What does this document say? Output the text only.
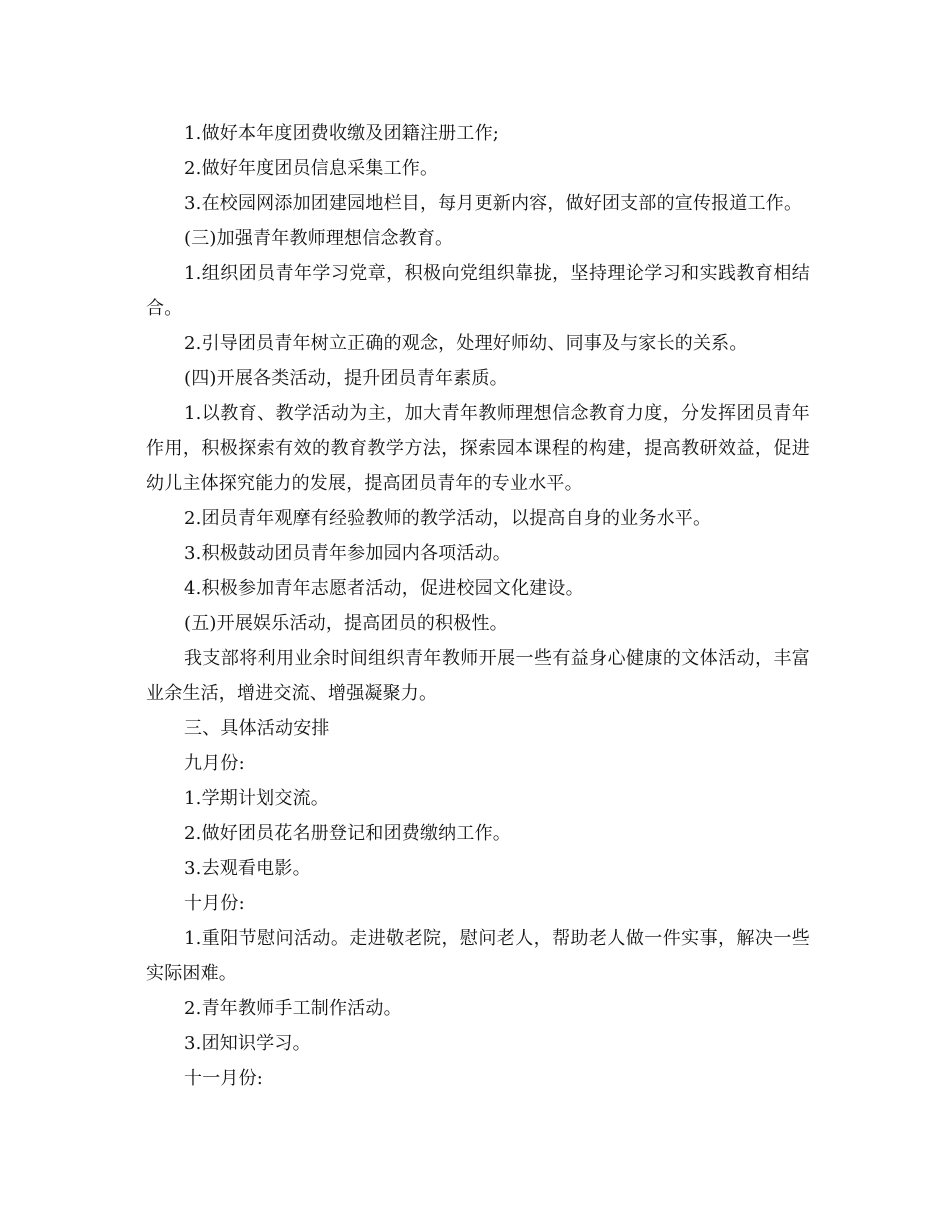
1.做好本年度团费收缴及团籍注册工作;

2.做好年度团员信息采集工作。

3.在校园网添加团建园地栏目，每月更新内容，做好团支部的宣传报道工作。

(三)加强青年教师理想信念教育。

1.组织团员青年学习党章，积极向党组织靠拢，坚持理论学习和实践教育相结合。

2.引导团员青年树立正确的观念，处理好师幼、同事及与家长的关系。

(四)开展各类活动，提升团员青年素质。

1.以教育、教学活动为主，加大青年教师理想信念教育力度，分发挥团员青年作用，积极探索有效的教育教学方法，探索园本课程的构建，提高教研效益，促进幼儿主体探究能力的发展，提高团员青年的专业水平。

2.团员青年观摩有经验教师的教学活动，以提高自身的业务水平。

3.积极鼓动团员青年参加园内各项活动。

4.积极参加青年志愿者活动，促进校园文化建设。

(五)开展娱乐活动，提高团员的积极性。

我支部将利用业余时间组织青年教师开展一些有益身心健康的文体活动，丰富业余生活，增进交流、增强凝聚力。

三、具体活动安排

九月份:

1.学期计划交流。

2.做好团员花名册登记和团费缴纳工作。

3.去观看电影。

十月份:

1.重阳节慰问活动。走进敬老院，慰问老人，帮助老人做一件实事，解决一些实际困难。

2.青年教师手工制作活动。

3.团知识学习。

十一月份:
